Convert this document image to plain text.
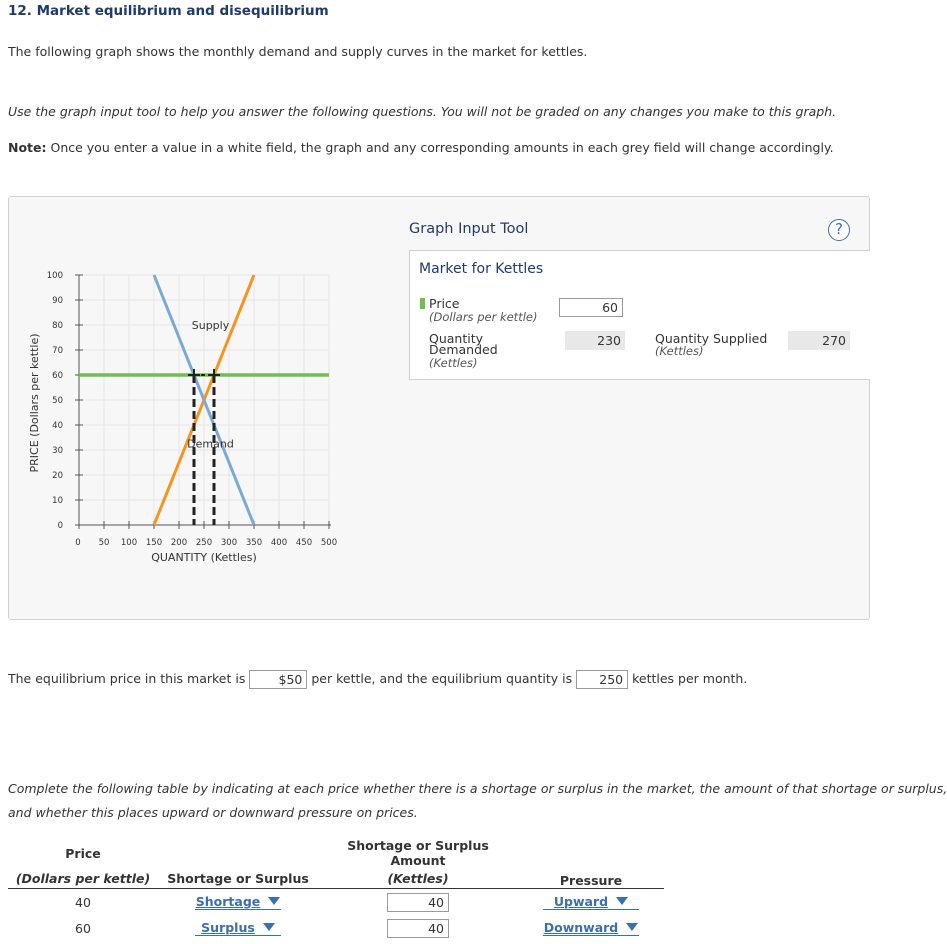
12. Market equilibrium and disequilibrium
The following graph shows the monthly demand and supply curves in the market for kettles.
Use the graph input tool to help you answer the following questions. You will not be graded on any changes you make to this graph.
Note: Once you enter a value in a white field, the graph and any corresponding amounts in each grey field will change accordingly.
Graph Input Tool	?
Market for Kettles
Price
(Dollars per kettle)
60
Quantity
Demanded
(Kettles)
230	Quantity Supplied
(Kettles)
270
PRICE (Dollars per kettle)
QUANTITY (Kettles)
0 50 100 150 200 250 300 350 400 450 500
0
10
20
30
40
50
60
70
80
90
100
Supply
Demand
The equilibrium price in this market is	$50 per kettle, and the equilibrium quantity is 250 kettles per month.
Complete the following table by indicating at each price whether there is a shortage or surplus in the market, the amount of that shortage or surplus,
and whether this places upward or downward pressure on prices.
Price		Shortage or Surplus Amount	
(Dollars per kettle)	Shortage or Surplus	(Kettles)	Pressure
40	Shortage	40	Upward
60	Surplus	40	Downward
